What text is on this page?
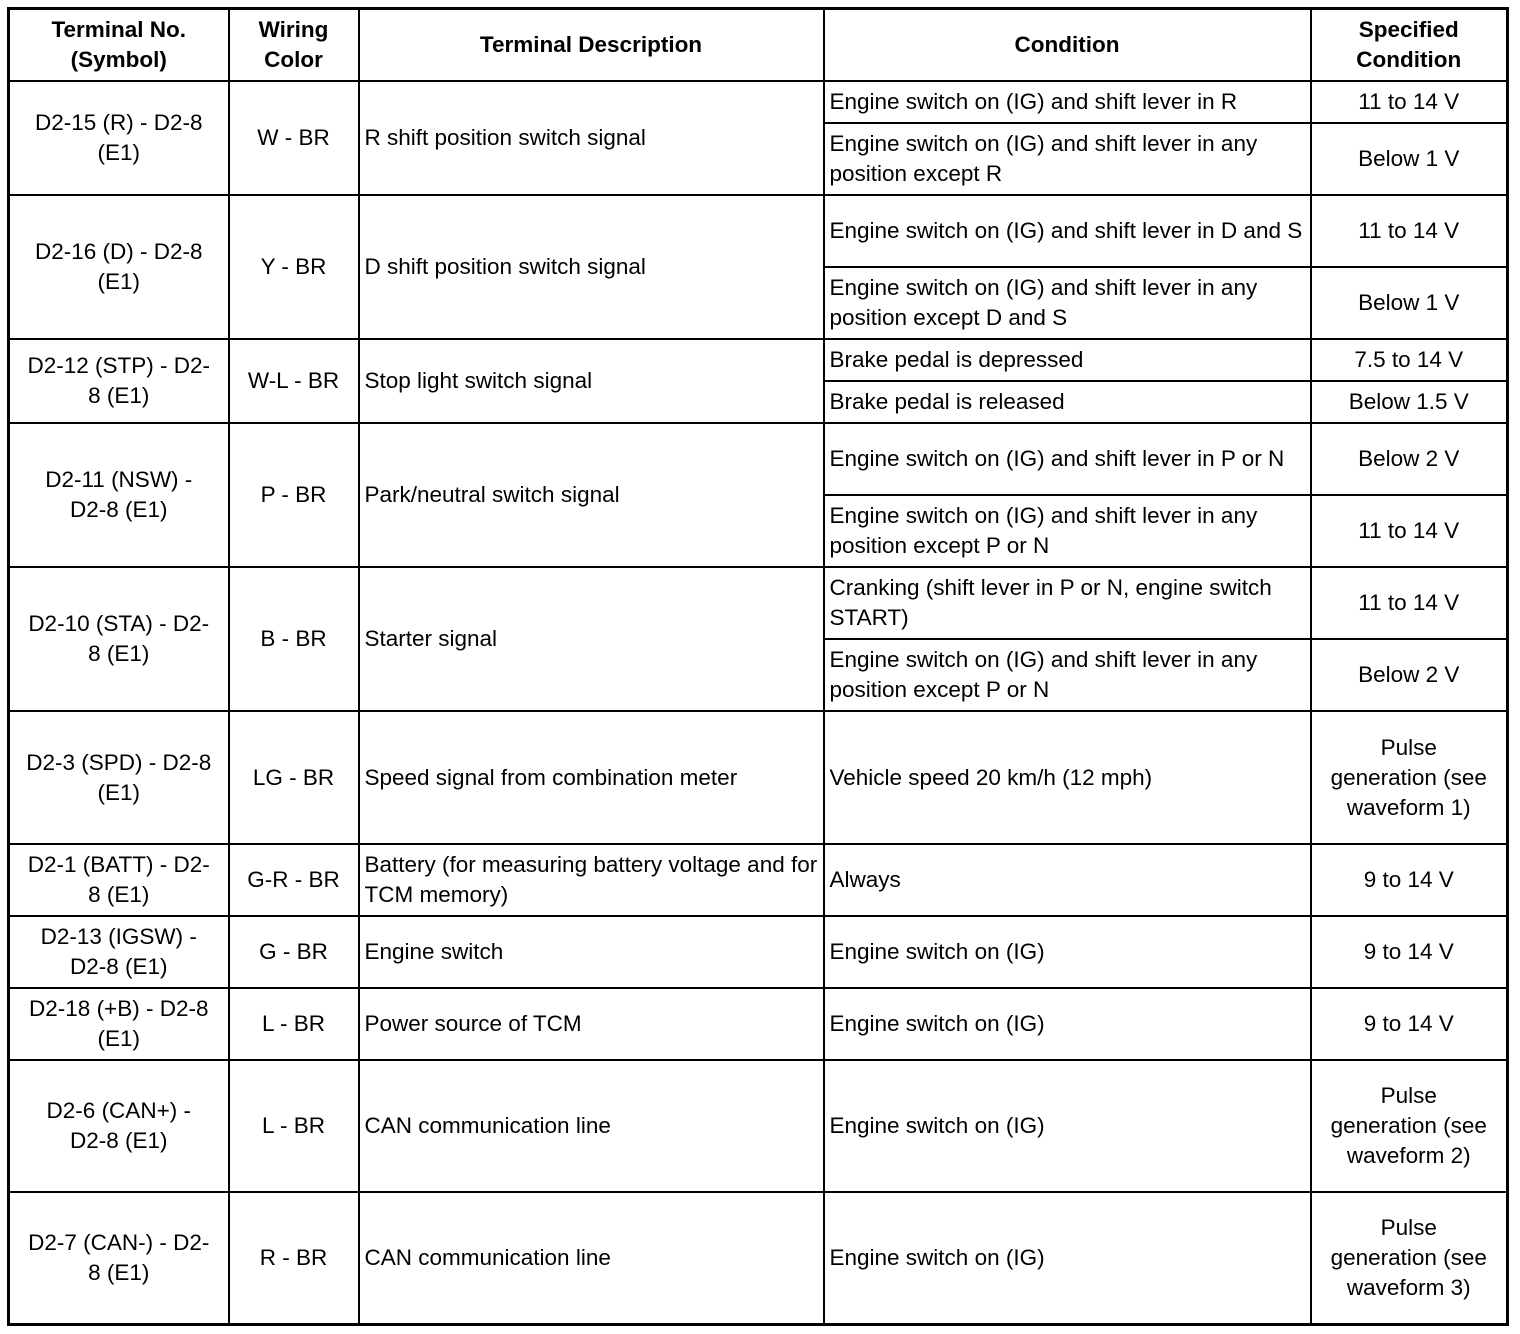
Terminal No. (Symbol)	Wiring Color	Terminal Description	Condition	Specified Condition
D2-15 (R) - D2-8 (E1)	W - BR	R shift position switch signal	Engine switch on (IG) and shift lever in R	11 to 14 V
			Engine switch on (IG) and shift lever in any position except R	Below 1 V
D2-16 (D) - D2-8 (E1)	Y - BR	D shift position switch signal	Engine switch on (IG) and shift lever in D and S	11 to 14 V
			Engine switch on (IG) and shift lever in any position except D and S	Below 1 V
D2-12 (STP) - D2-8 (E1)	W-L - BR	Stop light switch signal	Brake pedal is depressed	7.5 to 14 V
			Brake pedal is released	Below 1.5 V
D2-11 (NSW) - D2-8 (E1)	P - BR	Park/neutral switch signal	Engine switch on (IG) and shift lever in P or N	Below 2 V
			Engine switch on (IG) and shift lever in any position except P or N	11 to 14 V
D2-10 (STA) - D2-8 (E1)	B - BR	Starter signal	Cranking (shift lever in P or N, engine switch START)	11 to 14 V
			Engine switch on (IG) and shift lever in any position except P or N	Below 2 V
D2-3 (SPD) - D2-8 (E1)	LG - BR	Speed signal from combination meter	Vehicle speed 20 km/h (12 mph)	Pulse generation (see waveform 1)
D2-1 (BATT) - D2-8 (E1)	G-R - BR	Battery (for measuring battery voltage and for TCM memory)	Always	9 to 14 V
D2-13 (IGSW) - D2-8 (E1)	G - BR	Engine switch	Engine switch on (IG)	9 to 14 V
D2-18 (+B) - D2-8 (E1)	L - BR	Power source of TCM	Engine switch on (IG)	9 to 14 V
D2-6 (CAN+) - D2-8 (E1)	L - BR	CAN communication line	Engine switch on (IG)	Pulse generation (see waveform 2)
D2-7 (CAN-) - D2-8 (E1)	R - BR	CAN communication line	Engine switch on (IG)	Pulse generation (see waveform 3)
